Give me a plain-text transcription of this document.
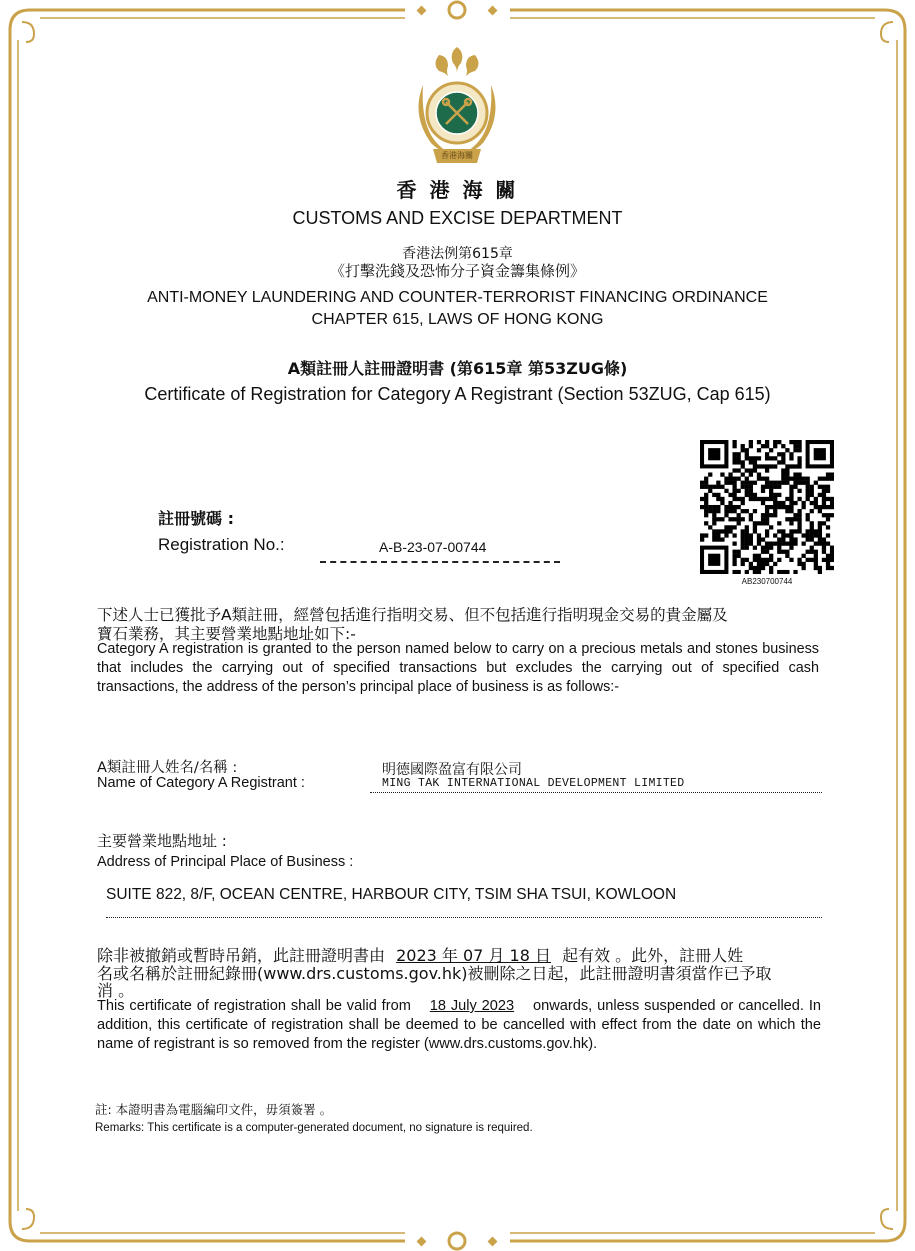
香港海關
香 港 海 關
CUSTOMS AND EXCISE DEPARTMENT
香港法例第615章
《打擊洗錢及恐怖分子資金籌集條例》
ANTI-MONEY LAUNDERING AND COUNTER-TERRORIST FINANCING ORDINANCE
CHAPTER 615, LAWS OF HONG KONG
A類註冊人註冊證明書 (第615章 第53ZUG條)
Certificate of Registration for Category A Registrant (Section 53ZUG, Cap 615)
AB230700744
註冊號碼 :
Registration No.:	A-B-23-07-00744
下述人士已獲批予A類註冊，經營包括進行指明交易、但不包括進行指明現金交易的貴金屬及
寶石業務，其主要營業地點地址如下:-
Category A registration is granted to the person named below to carry on a precious metals and stones business that includes the carrying out of specified transactions but excludes the carrying out of specified cash transactions, the address of the person’s principal place of business is as follows:-
A類註冊人姓名/名稱 :
Name of Category A Registrant :
明德國際盈富有限公司
MING TAK INTERNATIONAL DEVELOPMENT LIMITED
主要營業地點地址 :
Address of Principal Place of Business :
SUITE 822, 8/F, OCEAN CENTRE, HARBOUR CITY, TSIM SHA TSUI, KOWLOON
除非被撤銷或暫時吊銷，此註冊證明書由 2023 年 07 月 18 日 起有效 。此外，註冊人姓
名或名稱於註冊紀錄冊(www.drs.customs.gov.hk)被刪除之日起，此註冊證明書須當作已予取
消 。
This certificate of registration shall be valid from 18 July 2023 onwards, unless suspended or cancelled. In addition, this certificate of registration shall be deemed to be cancelled with effect from the date on which the name of registrant is so removed from the register (www.drs.customs.gov.hk).
註: 本證明書為電腦編印文件，毋須簽署 。
Remarks: This certificate is a computer-generated document, no signature is required.
